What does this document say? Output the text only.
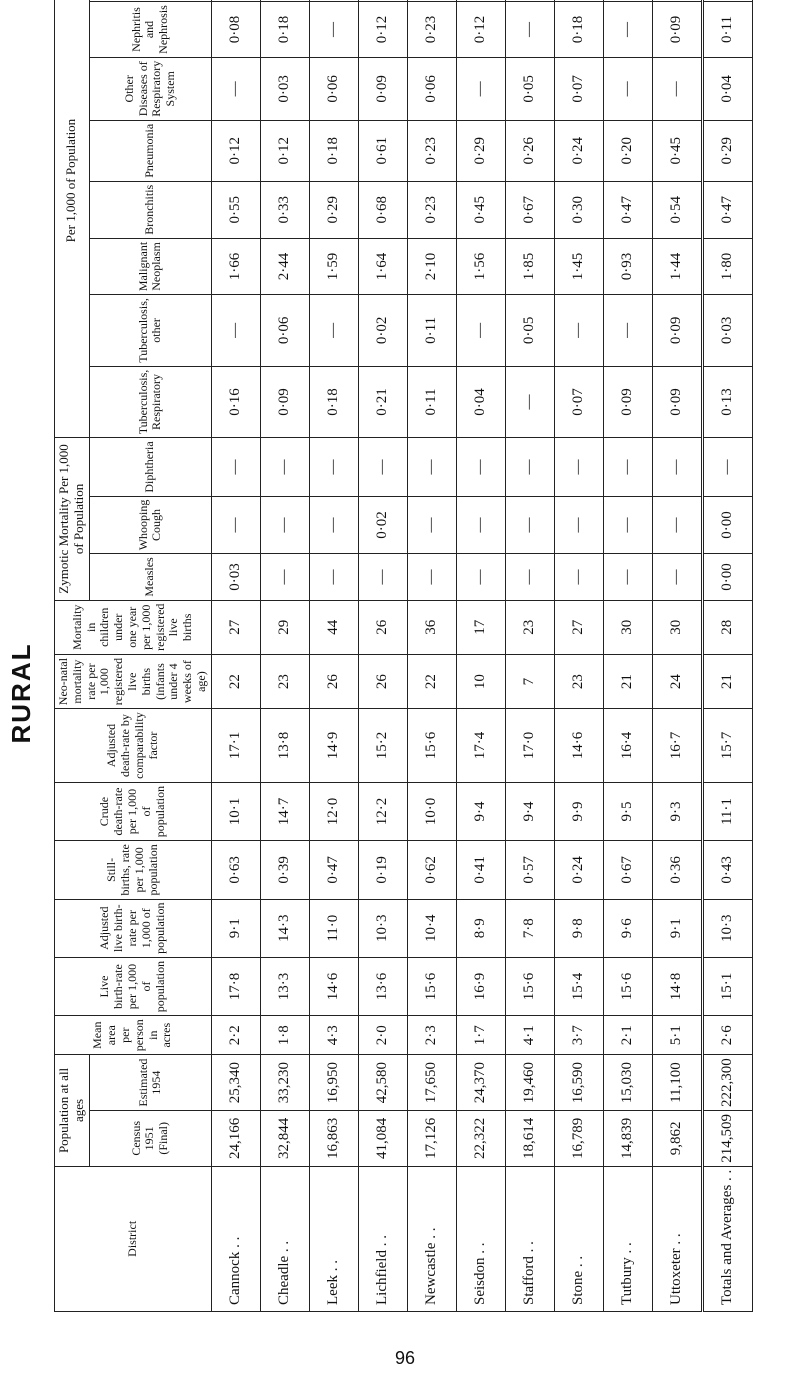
RURAL
District	Population at all ages		Mean area per person in acres	Live birth-rate per 1,000 of population	Adjusted live birth-rate per 1,000 of population	Still-births, rate per 1,000 population	Crude death-rate per 1,000 of population	Adjusted death-rate by comparability factor	Neo-natal mortality rate per 1,000 registered live births (infants under 4 weeks of age)	Mortality in children under one year per 1,000 registered live births	Zymotic Mortality Per 1,000 of Population			Per 1,000 of Population							
	Census 1951 (Final)	Estimated 1954									Measles	Whooping Cough	Diphtheria	Tuberculosis, Respiratory	Tuberculosis, other	Malignant Neoplasm	Bronchitis	Pneumonia	Other Diseases of Respiratory System	Nephritis and Nephrosis	

Cannock . .	24,166	25,340	2·2	17·8	9·1	0·63	10·1	17·1	22	27	0·03	—	—	0·16	—	1·66	0·55	0·12	—	0·08	
Cheadle . .	32,844	33,230	1·8	13·3	14·3	0·39	14·7	13·8	23	29	—	—	—	0·09	0·06	2·44	0·33	0·12	0·03	0·18	
Leek . .	16,863	16,950	4·3	14·6	11·0	0·47	12·0	14·9	26	44	—	—	—	0·18	—	1·59	0·29	0·18	0·06	—	
Lichfield . .	41,084	42,580	2·0	13·6	10·3	0·19	12·2	15·2	26	26	—	0·02	—	0·21	0·02	1·64	0·68	0·61	0·09	0·12	
Newcastle . .	17,126	17,650	2·3	15·6	10·4	0·62	10·0	15·6	22	36	—	—	—	0·11	0·11	2·10	0·23	0·23	0·06	0·23	
Seisdon . .	22,322	24,370	1·7	16·9	8·9	0·41	9·4	17·4	10	17	—	—	—	0·04	—	1·56	0·45	0·29	—	0·12	
Stafford . .	18,614	19,460	4·1	15·6	7·8	0·57	9·4	17·0	7	23	—	—	—	—	0·05	1·85	0·67	0·26	0·05	—	
Stone . .	16,789	16,590	3·7	15·4	9·8	0·24	9·9	14·6	23	27	—	—	—	0·07	—	1·45	0·30	0·24	0·07	0·18	
Tutbury . .	14,839	15,030	2·1	15·6	9·6	0·67	9·5	16·4	21	30	—	—	—	0·09	—	0·93	0·47	0·20	—	—	
Uttoxeter . .	9,862	11,100	5·1	14·8	9·1	0·36	9·3	16·7	24	30	—	—	—	0·09	0·09	1·44	0·54	0·45	—	0·09	
Totals and Averages . .	214,509	222,300	2·6	15·1	10·3	0·43	11·1	15·7	21	28	0·00	0·00	—	0·13	0·03	1·80	0·47	0·29	0·04	0·11	
96
